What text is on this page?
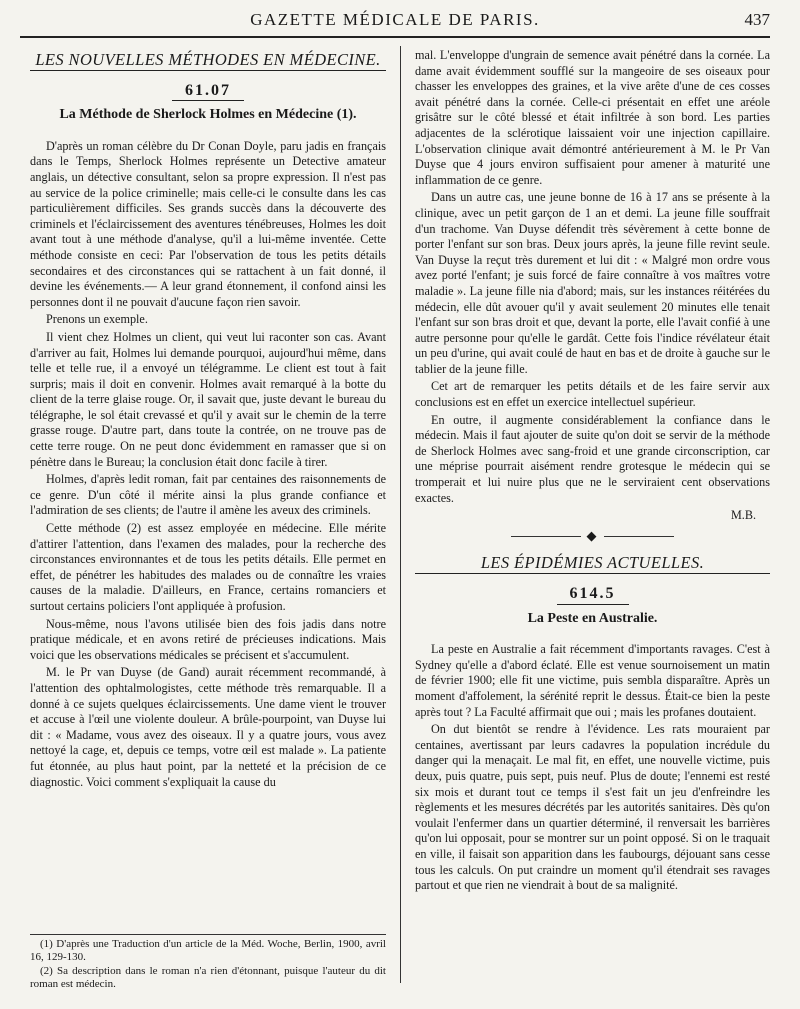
GAZETTE MÉDICALE DE PARIS.	437
LES NOUVELLES MÉTHODES EN MÉDECINE.
61.07
La Méthode de Sherlock Holmes en Médecine (1).

D'après un roman célèbre du Dr Conan Doyle, paru jadis en français dans le Temps, Sherlock Holmes représente un Detective amateur anglais, un détective consultant, selon sa propre expression. Il n'est pas au service de la police criminelle; mais celle-ci le consulte dans les cas particulièrement difficiles. Ses grands succès dans la découverte des criminels et l'éclaircissement des aventures ténébreuses, Holmes les doit avant tout à une méthode d'analyse, qu'il a lui-même inventée. Cette méthode consiste en ceci: Par l'observation de tous les petits détails secondaires et des circonstances qui se rattachent à un fait donné, il devine les événements.— A leur grand étonnement, il confond ainsi les personnes dont il ne pouvait d'aucune façon rien savoir.

Prenons un exemple.

Il vient chez Holmes un client, qui veut lui raconter son cas. Avant d'arriver au fait, Holmes lui demande pourquoi, aujourd'hui même, dans telle et telle rue, il a envoyé un télégramme. Le client est tout à fait surpris; mais il doit en convenir. Holmes avait remarqué à la botte du client de la terre glaise rouge. Or, il savait que, juste devant le bureau du télégraphe, le sol était crevassé et qu'il y avait sur le chemin de la terre grasse rouge. D'autre part, dans toute la contrée, on ne trouve pas de cette terre rouge. On ne peut donc évidemment en ramasser que si on pénètre dans le Bureau; la conclusion était donc facile à tirer.

Holmes, d'après ledit roman, fait par centaines des raisonnements de ce genre. D'un côté il mérite ainsi la plus grande confiance et l'admiration de ses clients; de l'autre il amène les aveux des criminels.

Cette méthode (2) est assez employée en médecine. Elle mérite d'attirer l'attention, dans l'examen des malades, pour la recherche des circonstances environnantes et de tous les petits détails. Elle permet en effet, de pénétrer les habitudes des malades ou de connaître les vraies causes de la maladie. D'ailleurs, en France, certains romanciers et surtout certains policiers l'ont appliquée à profusion.

Nous-même, nous l'avons utilisée bien des fois jadis dans notre pratique médicale, et en avons retiré de précieuses indications. Mais voici que les observations médicales se précisent et s'accumulent.

M. le Pr van Duyse (de Gand) aurait récemment recommandé, à l'attention des ophtalmologistes, cette méthode très remarquable. Il a donné à ce sujets quelques éclaircissements. Une dame vient le trouver et accuse à l'œil une violente douleur. A brûle-pourpoint, van Duyse lui dit : « Madame, vous avez des oiseaux. Il y a quatre jours, vous avez nettoyé la cage, et, depuis ce temps, votre œil est malade ». La patiente fut étonnée, au plus haut point, par la netteté et la précision de ce diagnostic. Voici comment s'expliquait la cause du

(1) D'après une Traduction d'un article de la Méd. Woche, Berlin, 1900, avril 16, 129-130.

(2) Sa description dans le roman n'a rien d'étonnant, puisque l'auteur du dit roman est médecin.

mal. L'enveloppe d'ungrain de semence avait pénétré dans la cornée. La dame avait évidemment soufflé sur la mangeoire de ses oiseaux pour chasser les enveloppes des graines, et la vive arête d'une de ces cosses avait pénétré dans la cornée. Celle-ci présentait en effet une aréole grisâtre sur le côté blessé et était infiltrée à son bord. Les parties adjacentes de la sclérotique laissaient voir une injection capillaire. L'observation clinique avait démontré antérieurement à M. le Pr Van Duyse que 4 jours environ suffisaient pour amener à maturité une inflammation de ce genre.

Dans un autre cas, une jeune bonne de 16 à 17 ans se présente à la clinique, avec un petit garçon de 1 an et demi. La jeune fille souffrait d'un trachome. Van Duyse défendit très sévèrement à cette bonne de porter l'enfant sur son bras. Deux jours après, la jeune fille revint seule. Van Duyse la reçut très durement et lui dit : « Malgré mon ordre vous avez porté l'enfant; je suis forcé de faire connaître à vos maîtres votre maladie ». La jeune fille nia d'abord; mais, sur les instances réitérées du médecin, elle dût avouer qu'il y avait seulement 20 minutes elle tenait l'enfant sur son bras droit et que, devant la porte, elle l'avait confié à une autre personne pour qu'elle le gardât. Cette fois l'indice révélateur était un peu d'urine, qui avait coulé de haut en bas et de droite à gauche sur le tablier de la jeune fille.

Cet art de remarquer les petits détails et de les faire servir aux conclusions est en effet un exercice intellectuel supérieur.

En outre, il augmente considérablement la confiance dans le médecin. Mais il faut ajouter de suite qu'on doit se servir de la méthode de Sherlock Holmes avec sang-froid et une grande circonscription, car une méprise pourrait aisément rendre grotesque le médecin qui se tromperait et lui nuire plus que ne le serviraient cent observations exactes.

M.B.

◆
LES ÉPIDÉMIES ACTUELLES.
614.5
La Peste en Australie.

La peste en Australie a fait récemment d'importants ravages. C'est à Sydney qu'elle a d'abord éclaté. Elle est venue sournoisement un matin de février 1900; elle fit une victime, puis sembla disparaître. Après un moment d'affolement, la sérénité reprit le dessus. Était-ce bien la peste après tout ? La Faculté affirmait que oui ; mais les profanes doutaient.

On dut bientôt se rendre à l'évidence. Les rats mouraient par centaines, avertissant par leurs cadavres la population incrédule du danger qui la menaçait. Le mal fit, en effet, une nouvelle victime, puis deux, puis quatre, puis sept, puis neuf. Plus de doute; l'ennemi est resté six mois et durant tout ce temps il s'est fait un jeu d'enfreindre les règlements et les mesures décrétés par les autorités sanitaires. Dès qu'on voulait l'enfermer dans un quartier déterminé, il renversait les barrières qu'on lui opposait, pour se montrer sur un point opposé. Si on le traquait en ville, il faisait son apparition dans les faubourgs, déjouant sans cesse tous les calculs. On put craindre un moment qu'il étendrait ses ravages partout et que rien ne viendrait à bout de sa malignité.
